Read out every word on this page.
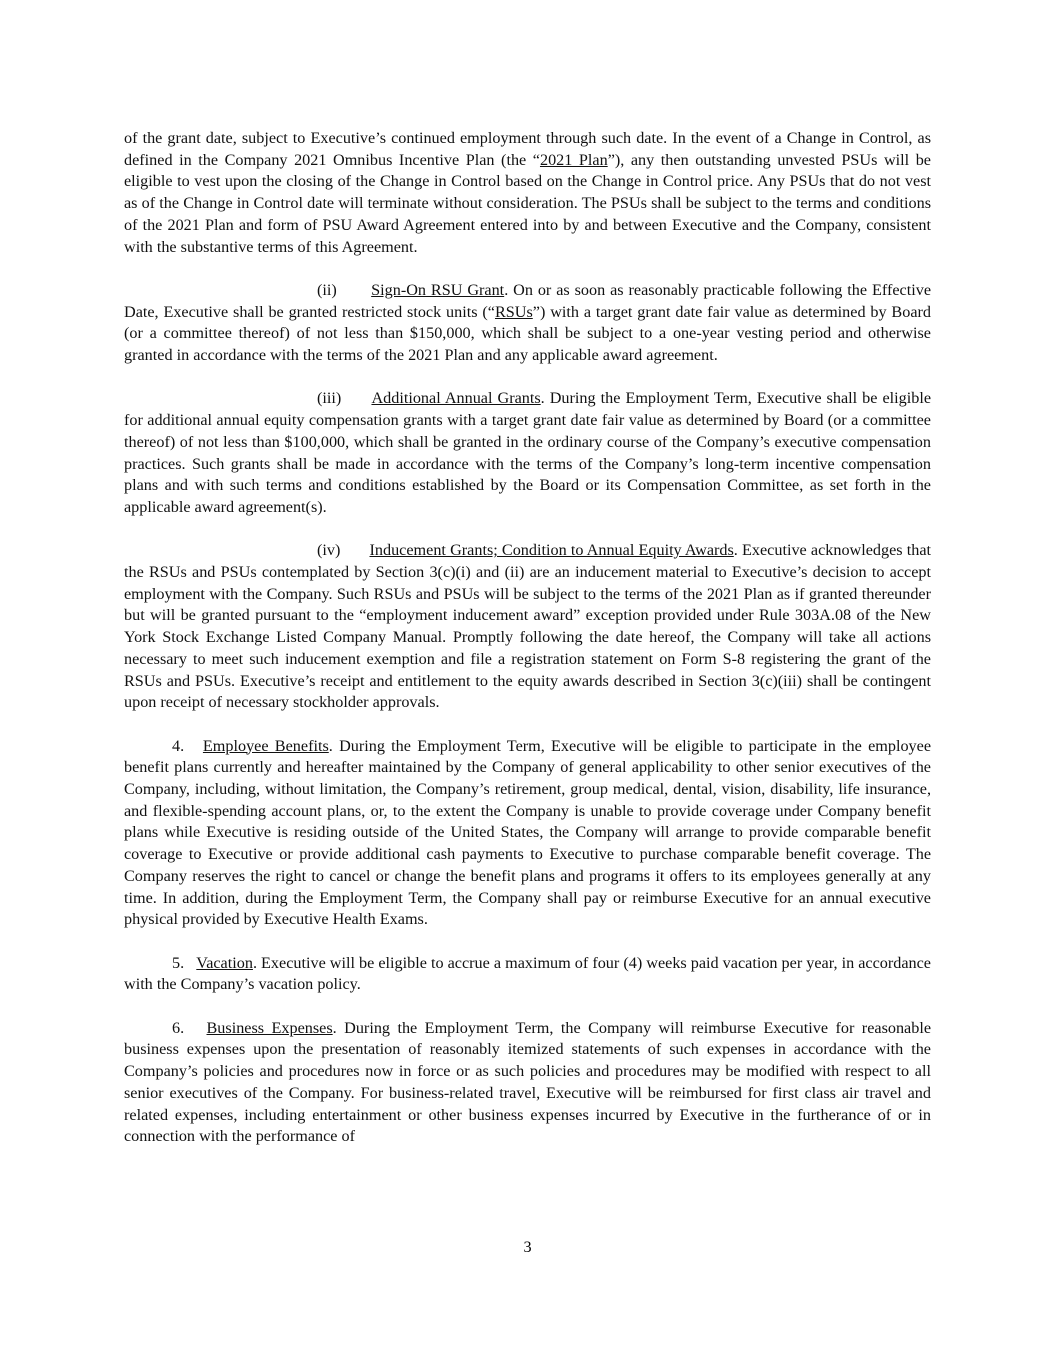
of the grant date, subject to Executive’s continued employment through such date. In the event of a Change in Control, as defined in the Company 2021 Omnibus Incentive Plan (the “2021 Plan”), any then outstanding unvested PSUs will be eligible to vest upon the closing of the Change in Control based on the Change in Control price. Any PSUs that do not vest as of the Change in Control date will terminate without consideration. The PSUs shall be subject to the terms and conditions of the 2021 Plan and form of PSU Award Agreement entered into by and between Executive and the Company, consistent with the substantive terms of this Agreement.

(ii) Sign-On RSU Grant. On or as soon as reasonably practicable following the Effective Date, Executive shall be granted restricted stock units (“RSUs”) with a target grant date fair value as determined by Board (or a committee thereof) of not less than $150,000, which shall be subject to a one-year vesting period and otherwise granted in accordance with the terms of the 2021 Plan and any applicable award agreement.

(iii) Additional Annual Grants. During the Employment Term, Executive shall be eligible for additional annual equity compensation grants with a target grant date fair value as determined by Board (or a committee thereof) of not less than $100,000, which shall be granted in the ordinary course of the Company’s executive compensation practices. Such grants shall be made in accordance with the terms of the Company’s long-term incentive compensation plans and with such terms and conditions established by the Board or its Compensation Committee, as set forth in the applicable award agreement(s).

(iv) Inducement Grants; Condition to Annual Equity Awards. Executive acknowledges that the RSUs and PSUs contemplated by Section 3(c)(i) and (ii) are an inducement material to Executive’s decision to accept employment with the Company. Such RSUs and PSUs will be subject to the terms of the 2021 Plan as if granted thereunder but will be granted pursuant to the “employment inducement award” exception provided under Rule 303A.08 of the New York Stock Exchange Listed Company Manual. Promptly following the date hereof, the Company will take all actions necessary to meet such inducement exemption and file a registration statement on Form S-8 registering the grant of the RSUs and PSUs. Executive’s receipt and entitlement to the equity awards described in Section 3(c)(iii) shall be contingent upon receipt of necessary stockholder approvals.

4. Employee Benefits. During the Employment Term, Executive will be eligible to participate in the employee benefit plans currently and hereafter maintained by the Company of general applicability to other senior executives of the Company, including, without limitation, the Company’s retirement, group medical, dental, vision, disability, life insurance, and flexible-spending account plans, or, to the extent the Company is unable to provide coverage under Company benefit plans while Executive is residing outside of the United States, the Company will arrange to provide comparable benefit coverage to Executive or provide additional cash payments to Executive to purchase comparable benefit coverage. The Company reserves the right to cancel or change the benefit plans and programs it offers to its employees generally at any time. In addition, during the Employment Term, the Company shall pay or reimburse Executive for an annual executive physical provided by Executive Health Exams.

5. Vacation. Executive will be eligible to accrue a maximum of four (4) weeks paid vacation per year, in accordance with the Company’s vacation policy.

6. Business Expenses. During the Employment Term, the Company will reimburse Executive for reasonable business expenses upon the presentation of reasonably itemized statements of such expenses in accordance with the Company’s policies and procedures now in force or as such policies and procedures may be modified with respect to all senior executives of the Company. For business-related travel, Executive will be reimbursed for first class air travel and related expenses, including entertainment or other business expenses incurred by Executive in the furtherance of or in connection with the performance of

3
